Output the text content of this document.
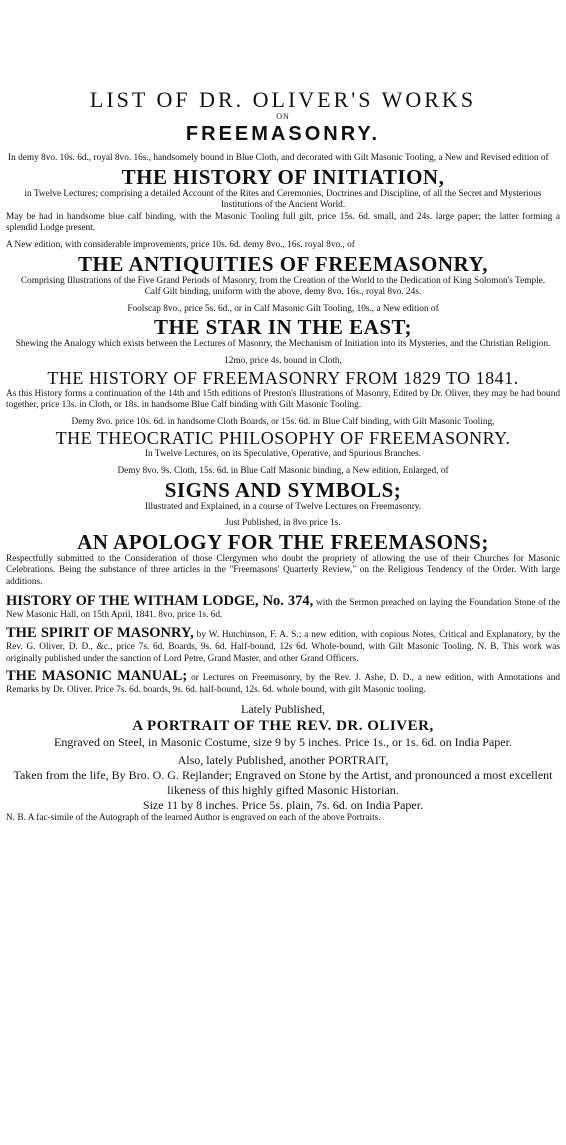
LIST OF DR. OLIVER'S WORKS

ON

FREEMASONRY.

In demy 8vo. 10s. 6d., royal 8vo. 16s., handsomely bound in Blue Cloth, and decorated with Gilt Masonic Tooling, a New and Revised edition of

THE HISTORY OF INITIATION,

in Twelve Lectures; comprising a detailed Account of the Rites and Ceremonies, Doctrines and Discipline, of all the Secret and Mysterious Institutions of the Ancient World.

May be had in handsome blue calf binding, with the Masonic Tooling full gilt, price 15s. 6d. small, and 24s. large paper; the latter forming a splendid Lodge present.

A New edition, with considerable improvements, price 10s. 6d. demy 8vo., 16s. royal 8vo., of

THE ANTIQUITIES OF FREEMASONRY,

Comprising Illustrations of the Five Grand Periods of Masonry, from the Creation of the World to the Dedication of King Solomon's Temple.

Calf Gilt binding, uniform with the above, demy 8vo. 16s., royal 8vo. 24s.

Foolscap 8vo., price 5s. 6d., or in Calf Masonic Gilt Tooling, 10s., a New edition of

THE STAR IN THE EAST;

Shewing the Analogy which exists between the Lectures of Masonry, the Mechanism of Initiation into its Mysteries, and the Christian Religion.

12mo, price 4s. bound in Cloth,

THE HISTORY OF FREEMASONRY FROM 1829 TO 1841.

As this History forms a continuation of the 14th and 15th editions of Preston's Illustrations of Masonry, Edited by Dr. Oliver, they may be had bound together, price 13s. in Cloth, or 18s. in handsome Blue Calf binding with Gilt Masonic Tooling.

Demy 8vo. price 10s. 6d. in handsome Cloth Boards, or 15s. 6d. in Blue Calf binding, with Gilt Masonic Tooling,

THE THEOCRATIC PHILOSOPHY OF FREEMASONRY.

In Twelve Lectures, on its Speculative, Operative, and Spurious Branches.

Demy 8vo. 9s. Cloth, 15s. 6d. in Blue Calf Masonic binding, a New edition, Enlarged, of

SIGNS AND SYMBOLS;

Illustrated and Explained, in a course of Twelve Lectures on Freemasonry.

Just Published, in 8vo price 1s.

AN APOLOGY FOR THE FREEMASONS;

Respectfully submitted to the Consideration of those Clergymen who doubt the propriety of allowing the use of their Churches for Masonic Celebrations. Being the substance of three articles in the "Freemasons' Quarterly Review," on the Religious Tendency of the Order. With large additions.

HISTORY OF THE WITHAM LODGE, No. 374, with the Sermon preached on laying the Foundation Stone of the New Masonic Hall, on 15th April, 1841. 8vo. price 1s. 6d.

THE SPIRIT OF MASONRY, by W. Hutchinson, F. A. S.; a new edition, with copious Notes, Critical and Explanatory, by the Rev. G. Oliver, D. D., &c., price 7s. 6d. Boards, 9s. 6d. Half-bound, 12s 6d. Whole-bound, with Gilt Masonic Tooling. N. B. This work was originally published under the sanction of Lord Petre, Grand Master, and other Grand Officers.

THE MASONIC MANUAL; or Lectures on Freemasonry, by the Rev. J. Ashe, D. D., a new edition, with Annotations and Remarks by Dr. Oliver. Price 7s. 6d. boards, 9s. 6d. half-bound, 12s. 6d. whole bound, with gilt Masonic tooling.

Lately Published,

A PORTRAIT OF THE REV. DR. OLIVER,

Engraved on Steel, in Masonic Costume, size 9 by 5 inches. Price 1s., or 1s. 6d. on India Paper.

Also, lately Published, another PORTRAIT,

Taken from the life, By Bro. O. G. Rejlander; Engraved on Stone by the Artist, and pronounced a most excellent likeness of this highly gifted Masonic Historian.

Size 11 by 8 inches. Price 5s. plain, 7s. 6d. on India Paper.

N. B. A fac-simile of the Autograph of the learned Author is engraved on each of the above Portraits.
